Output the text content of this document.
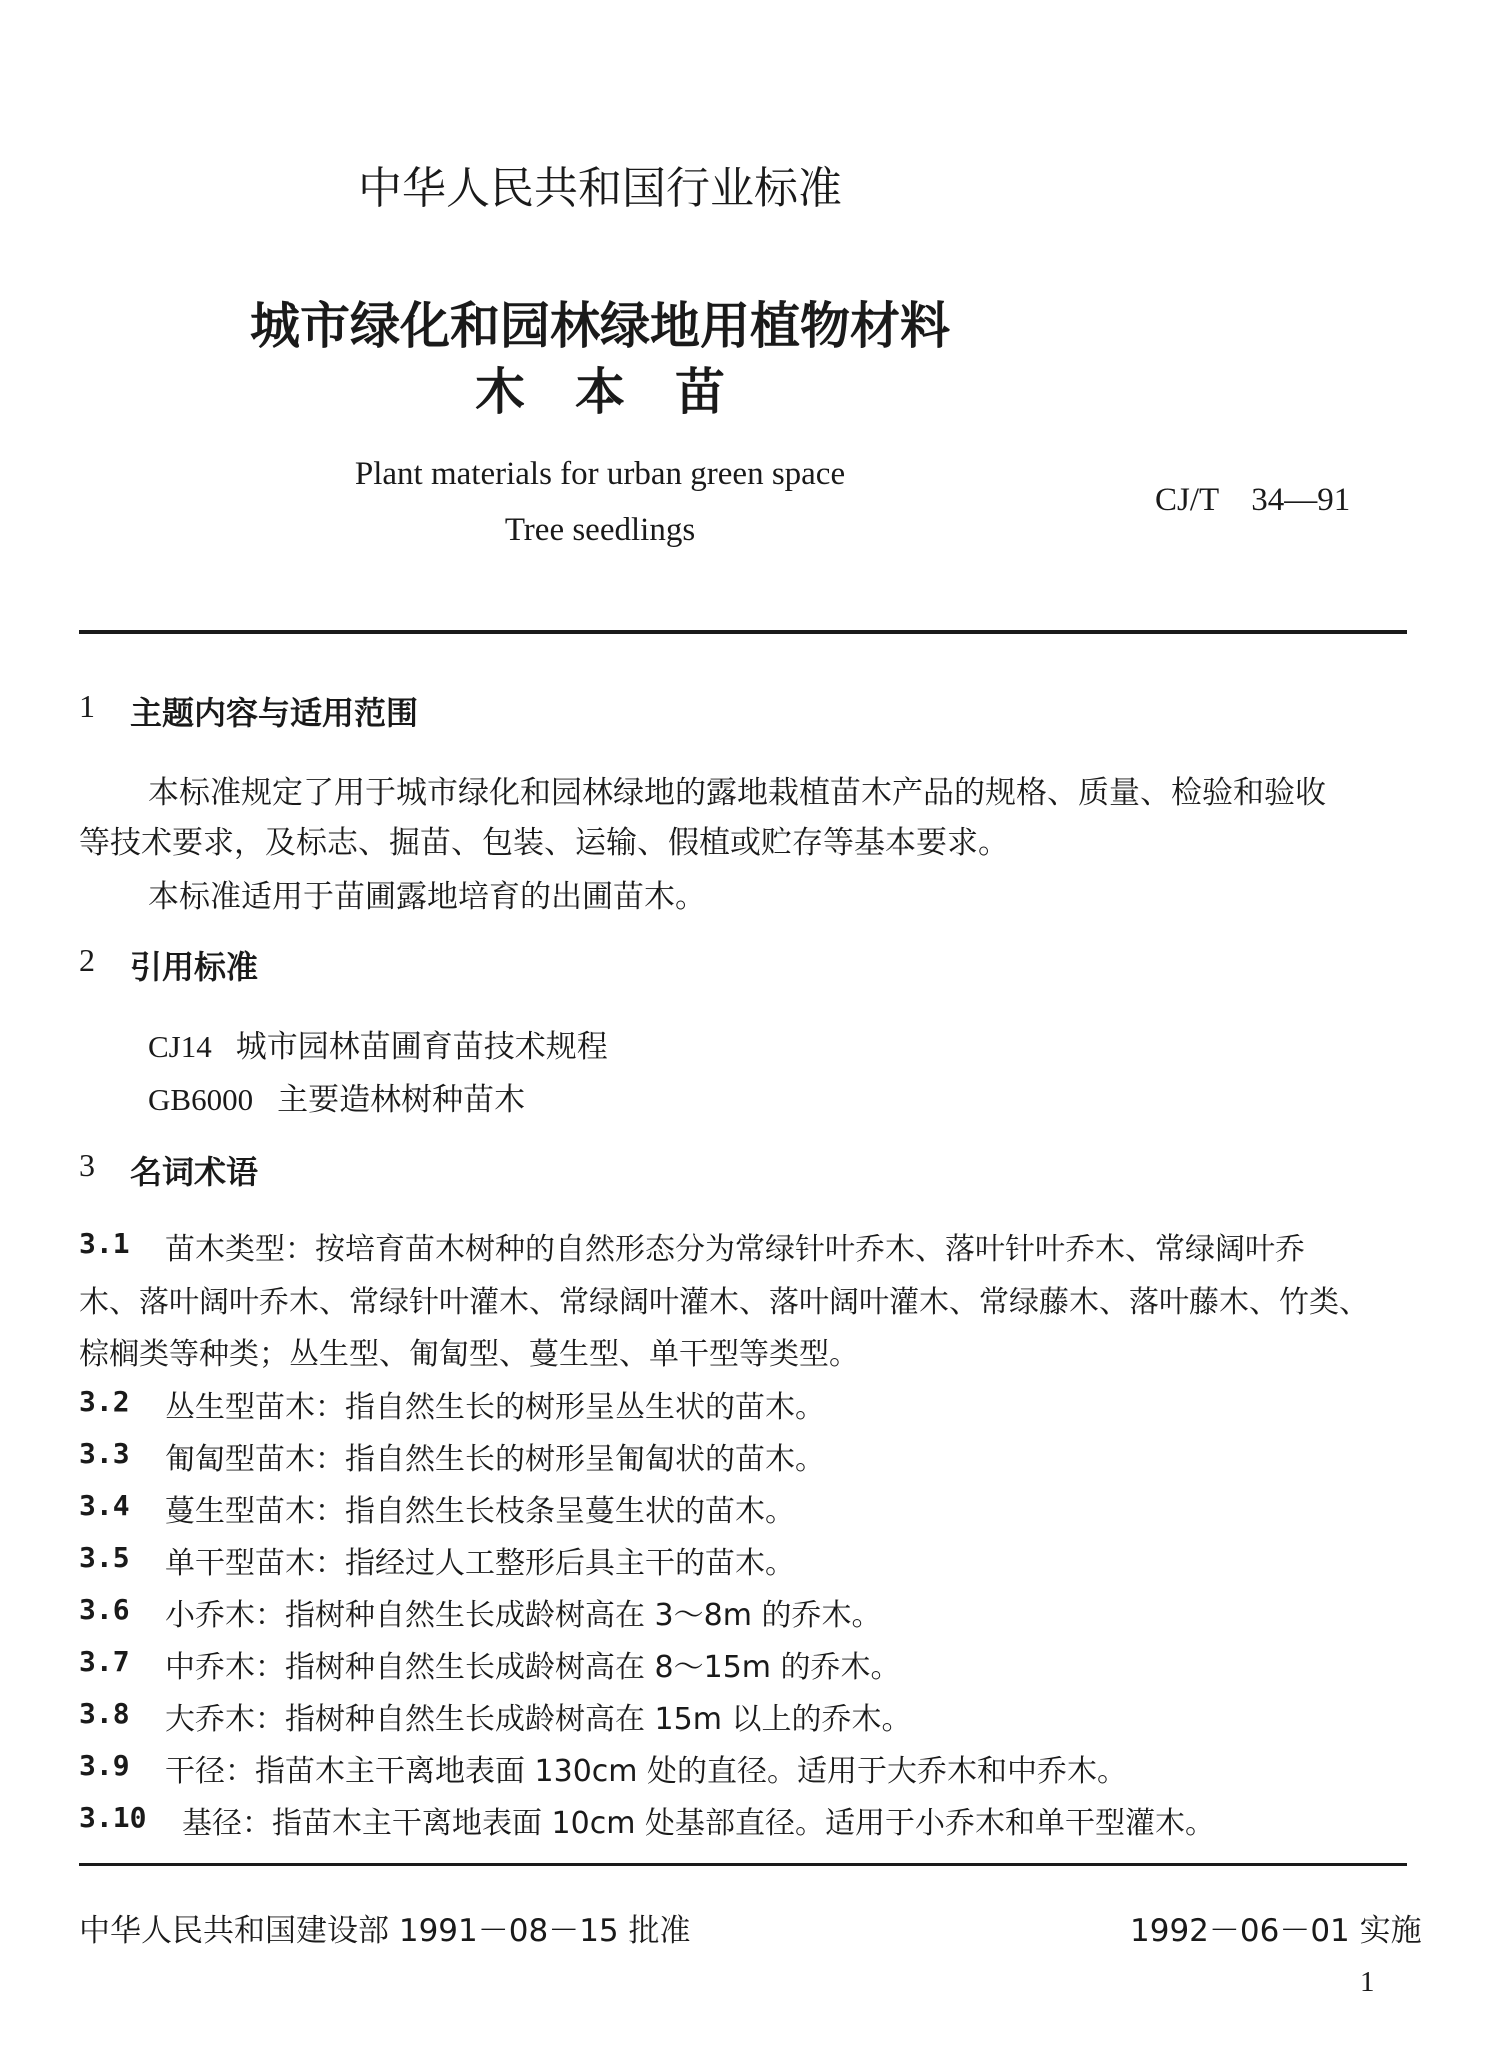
中华人民共和国行业标准
城市绿化和园林绿地用植物材料
木本苗
Plant materials for urban green space
Tree seedlings
CJ/T 34—91
1 主题内容与适用范围
本标准规定了用于城市绿化和园林绿地的露地栽植苗木产品的规格、质量、检验和验收
等技术要求，及标志、掘苗、包装、运输、假植或贮存等基本要求。
本标准适用于苗圃露地培育的出圃苗木。
2 引用标准
CJ14 城市园林苗圃育苗技术规程
GB6000 主要造林树种苗木
3 名词术语
3.1 苗木类型：按培育苗木树种的自然形态分为常绿针叶乔木、落叶针叶乔木、常绿阔叶乔
木、落叶阔叶乔木、常绿针叶灌木、常绿阔叶灌木、落叶阔叶灌木、常绿藤木、落叶藤木、竹类、
棕榈类等种类；丛生型、匍匐型、蔓生型、单干型等类型。
3.2 丛生型苗木：指自然生长的树形呈丛生状的苗木。
3.3 匍匐型苗木：指自然生长的树形呈匍匐状的苗木。
3.4 蔓生型苗木：指自然生长枝条呈蔓生状的苗木。
3.5 单干型苗木：指经过人工整形后具主干的苗木。
3.6 小乔木：指树种自然生长成龄树高在 3～8m 的乔木。
3.7 中乔木：指树种自然生长成龄树高在 8～15m 的乔木。
3.8 大乔木：指树种自然生长成龄树高在 15m 以上的乔木。
3.9 干径：指苗木主干离地表面 130cm 处的直径。适用于大乔木和中乔木。
3.10 基径：指苗木主干离地表面 10cm 处基部直径。适用于小乔木和单干型灌木。
中华人民共和国建设部 1991－08－15 批准	1992－06－01 实施
1
